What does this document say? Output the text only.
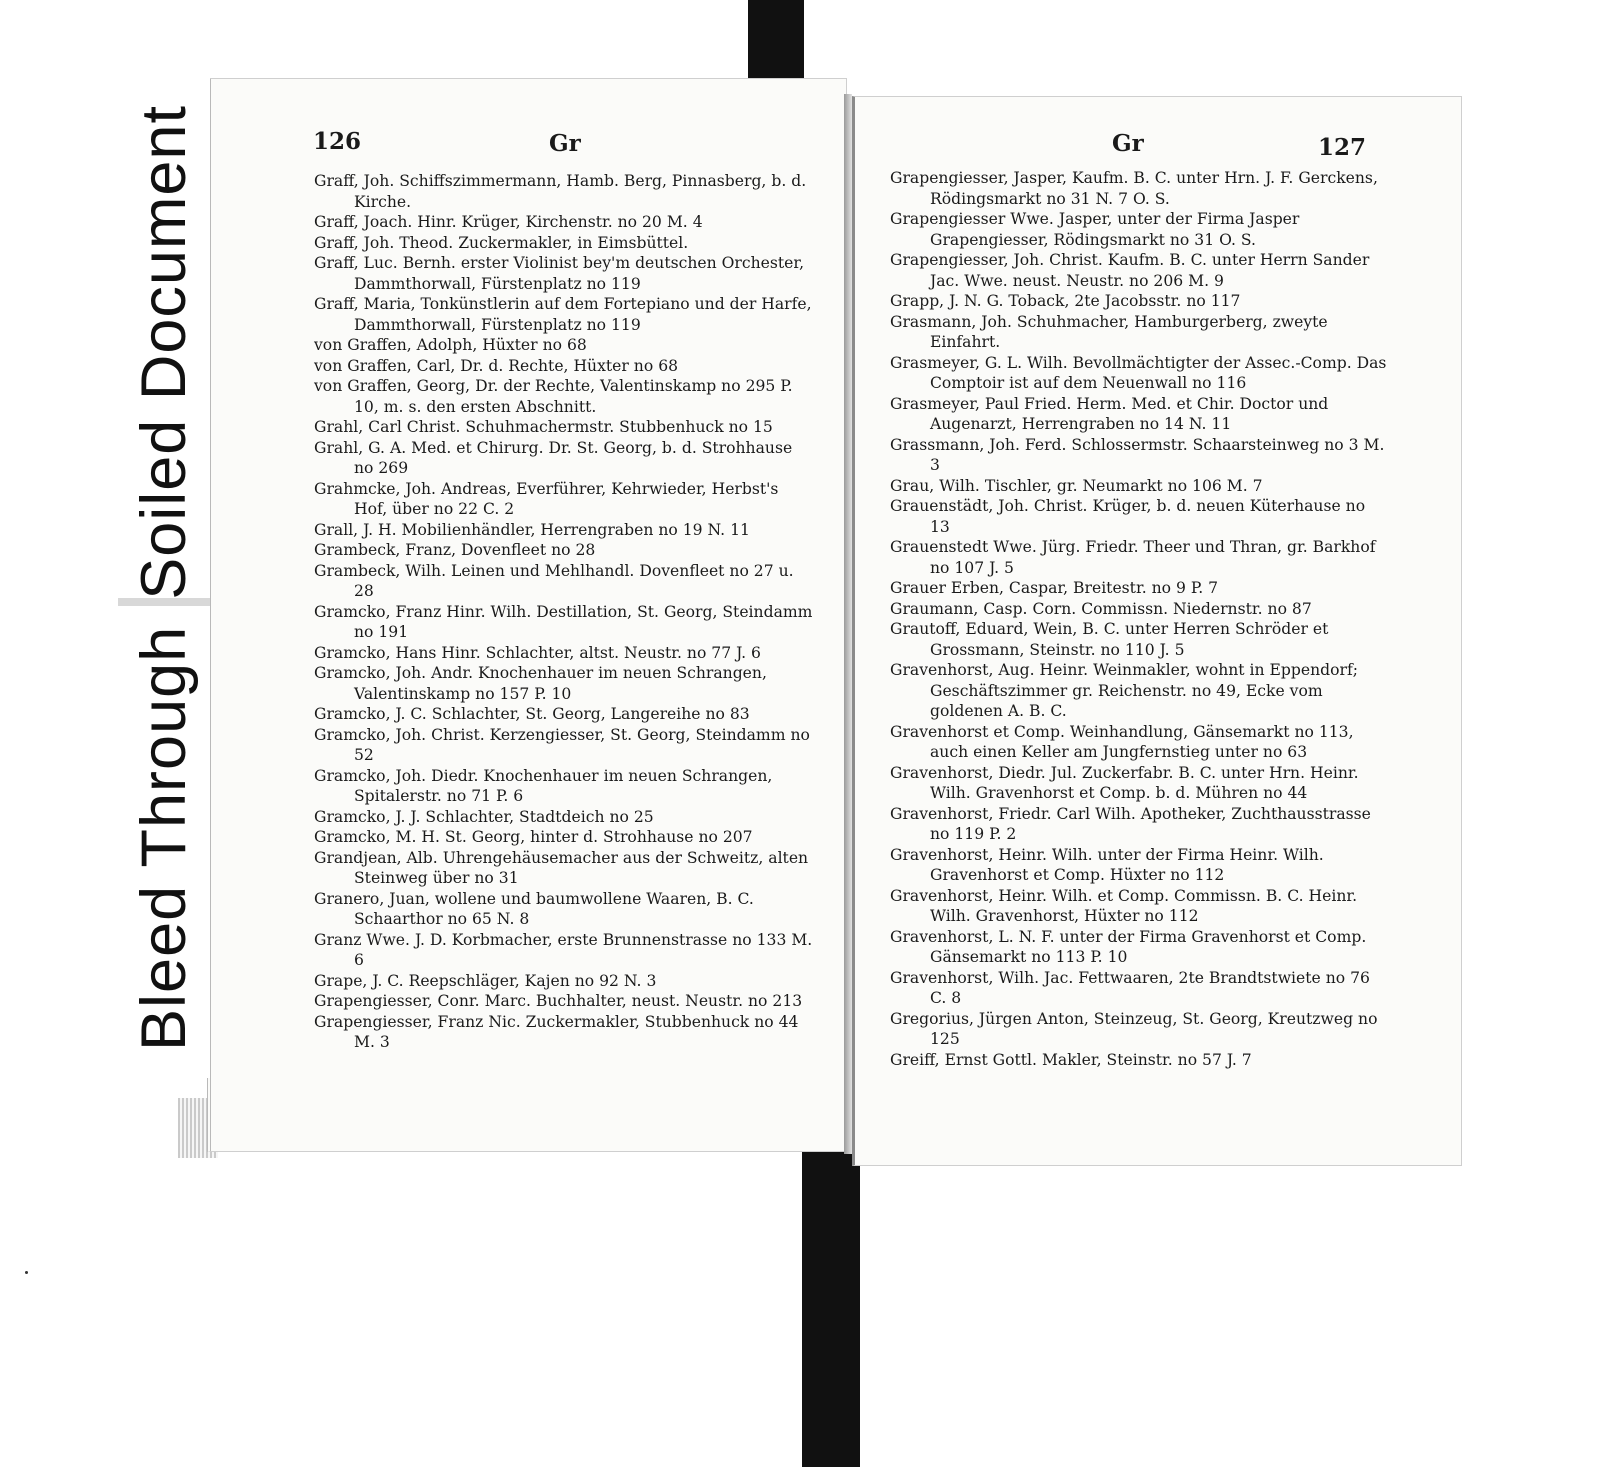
Bleed ThroughSoiled Document	126	Gr	Gr	127

Graff, Joh. Schiffszimmermann, Hamb. Berg, Pinnasberg, b. d. Kirche.

Graff, Joach. Hinr. Krüger, Kirchenstr. no 20 M. 4

Graff, Joh. Theod. Zuckermakler, in Eimsbüttel.

Graff, Luc. Bernh. erster Violinist bey'm deutschen Orchester, Dammthorwall, Fürstenplatz no 119

Graff, Maria, Tonkünstlerin auf dem Fortepiano und der Harfe, Dammthorwall, Fürstenplatz no 119

von Graffen, Adolph, Hüxter no 68

von Graffen, Carl, Dr. d. Rechte, Hüxter no 68

von Graffen, Georg, Dr. der Rechte, Valentinskamp no 295 P. 10, m. s. den ersten Abschnitt.

Grahl, Carl Christ. Schuhmachermstr. Stubbenhuck no 15

Grahl, G. A. Med. et Chirurg. Dr. St. Georg, b. d. Strohhause no 269

Grahmcke, Joh. Andreas, Everführer, Kehrwieder, Herbst's Hof, über no 22 C. 2

Grall, J. H. Mobilienhändler, Herrengraben no 19 N. 11

Grambeck, Franz, Dovenfleet no 28

Grambeck, Wilh. Leinen und Mehlhandl. Dovenfleet no 27 u. 28

Gramcko, Franz Hinr. Wilh. Destillation, St. Georg, Steindamm no 191

Gramcko, Hans Hinr. Schlachter, altst. Neustr. no 77 J. 6

Gramcko, Joh. Andr. Knochenhauer im neuen Schrangen, Valentinskamp no 157 P. 10

Gramcko, J. C. Schlachter, St. Georg, Langereihe no 83

Gramcko, Joh. Christ. Kerzengiesser, St. Georg, Steindamm no 52

Gramcko, Joh. Diedr. Knochenhauer im neuen Schrangen, Spitalerstr. no 71 P. 6

Gramcko, J. J. Schlachter, Stadtdeich no 25

Gramcko, M. H. St. Georg, hinter d. Strohhause no 207

Grandjean, Alb. Uhrengehäusemacher aus der Schweitz, alten Steinweg über no 31

Granero, Juan, wollene und baumwollene Waaren, B. C. Schaarthor no 65 N. 8

Granz Wwe. J. D. Korbmacher, erste Brunnenstrasse no 133 M. 6

Grape, J. C. Reepschläger, Kajen no 92 N. 3

Grapengiesser, Conr. Marc. Buchhalter, neust. Neustr. no 213

Grapengiesser, Franz Nic. Zuckermakler, Stubbenhuck no 44 M. 3

Grapengiesser, Jasper, Kaufm. B. C. unter Hrn. J. F. Gerckens, Rödingsmarkt no 31 N. 7 O. S.

Grapengiesser Wwe. Jasper, unter der Firma Jasper Grapengiesser, Rödingsmarkt no 31 O. S.

Grapengiesser, Joh. Christ. Kaufm. B. C. unter Herrn Sander Jac. Wwe. neust. Neustr. no 206 M. 9

Grapp, J. N. G. Toback, 2te Jacobsstr. no 117

Grasmann, Joh. Schuhmacher, Hamburgerberg, zweyte Einfahrt.

Grasmeyer, G. L. Wilh. Bevollmächtigter der Assec.-Comp. Das Comptoir ist auf dem Neuenwall no 116

Grasmeyer, Paul Fried. Herm. Med. et Chir. Doctor und Augenarzt, Herrengraben no 14 N. 11

Grassmann, Joh. Ferd. Schlossermstr. Schaarsteinweg no 3 M. 3

Grau, Wilh. Tischler, gr. Neumarkt no 106 M. 7

Grauenstädt, Joh. Christ. Krüger, b. d. neuen Küterhause no 13

Grauenstedt Wwe. Jürg. Friedr. Theer und Thran, gr. Barkhof no 107 J. 5

Grauer Erben, Caspar, Breitestr. no 9 P. 7

Graumann, Casp. Corn. Commissn. Niedernstr. no 87

Grautoff, Eduard, Wein, B. C. unter Herren Schröder et Grossmann, Steinstr. no 110 J. 5

Gravenhorst, Aug. Heinr. Weinmakler, wohnt in Eppendorf; Geschäftszimmer gr. Reichenstr. no 49, Ecke vom goldenen A. B. C.

Gravenhorst et Comp. Weinhandlung, Gänsemarkt no 113, auch einen Keller am Jungfernstieg unter no 63

Gravenhorst, Diedr. Jul. Zuckerfabr. B. C. unter Hrn. Heinr. Wilh. Gravenhorst et Comp. b. d. Mühren no 44

Gravenhorst, Friedr. Carl Wilh. Apotheker, Zuchthausstrasse no 119 P. 2

Gravenhorst, Heinr. Wilh. unter der Firma Heinr. Wilh. Gravenhorst et Comp. Hüxter no 112

Gravenhorst, Heinr. Wilh. et Comp. Commissn. B. C. Heinr. Wilh. Gravenhorst, Hüxter no 112

Gravenhorst, L. N. F. unter der Firma Gravenhorst et Comp. Gänsemarkt no 113 P. 10

Gravenhorst, Wilh. Jac. Fettwaaren, 2te Brandtstwiete no 76 C. 8

Gregorius, Jürgen Anton, Steinzeug, St. Georg, Kreutzweg no 125

Greiff, Ernst Gottl. Makler, Steinstr. no 57 J. 7
